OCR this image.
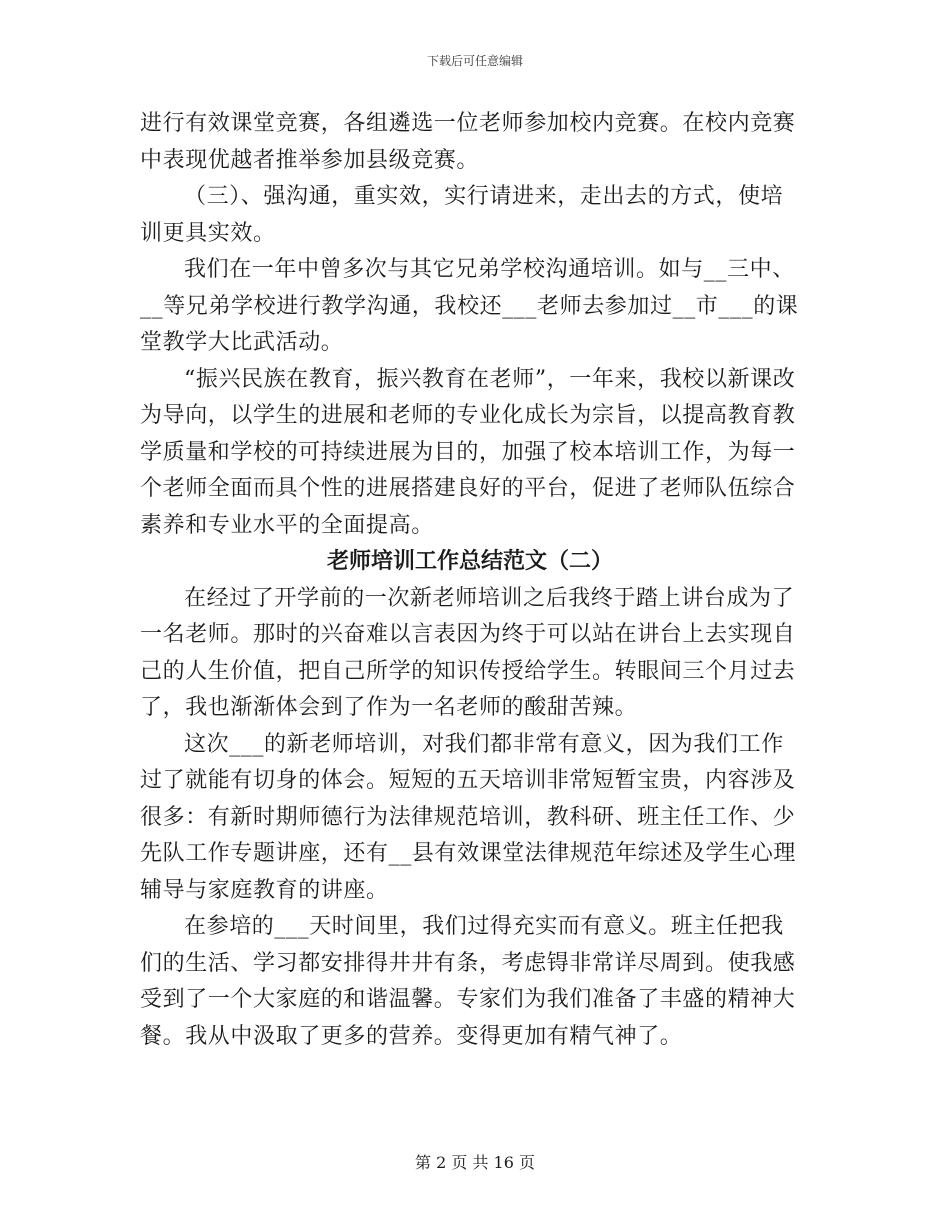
下载后可任意编辑

进行有效课堂竞赛，各组遴选一位老师参加校内竞赛。在校内竞赛中表现优越者推举参加县级竞赛。

（三）、强沟通，重实效，实行请进来，走出去的方式，使培训更具实效。

我们在一年中曾多次与其它兄弟学校沟通培训。如与__三中、__等兄弟学校进行教学沟通，我校还___老师去参加过__市___的课堂教学大比武活动。

“振兴民族在教育，振兴教育在老师”，一年来，我校以新课改为导向，以学生的进展和老师的专业化成长为宗旨，以提高教育教学质量和学校的可持续进展为目的，加强了校本培训工作，为每一个老师全面而具个性的进展搭建良好的平台，促进了老师队伍综合素养和专业水平的全面提高。

老师培训工作总结范文（二）

在经过了开学前的一次新老师培训之后我终于踏上讲台成为了一名老师。那时的兴奋难以言表因为终于可以站在讲台上去实现自己的人生价值，把自己所学的知识传授给学生。转眼间三个月过去了，我也渐渐体会到了作为一名老师的酸甜苦辣。

这次___的新老师培训，对我们都非常有意义，因为我们工作过了就能有切身的体会。短短的五天培训非常短暂宝贵，内容涉及很多：有新时期师德行为法律规范培训，教科研、班主任工作、少先队工作专题讲座，还有__县有效课堂法律规范年综述及学生心理辅导与家庭教育的讲座。

在参培的___天时间里，我们过得充实而有意义。班主任把我们的生活、学习都安排得井井有条，考虑锝非常详尽周到。使我感受到了一个大家庭的和谐温馨。专家们为我们准备了丰盛的精神大餐。我从中汲取了更多的营养。变得更加有精气神了。

第 2 页 共 16 页
